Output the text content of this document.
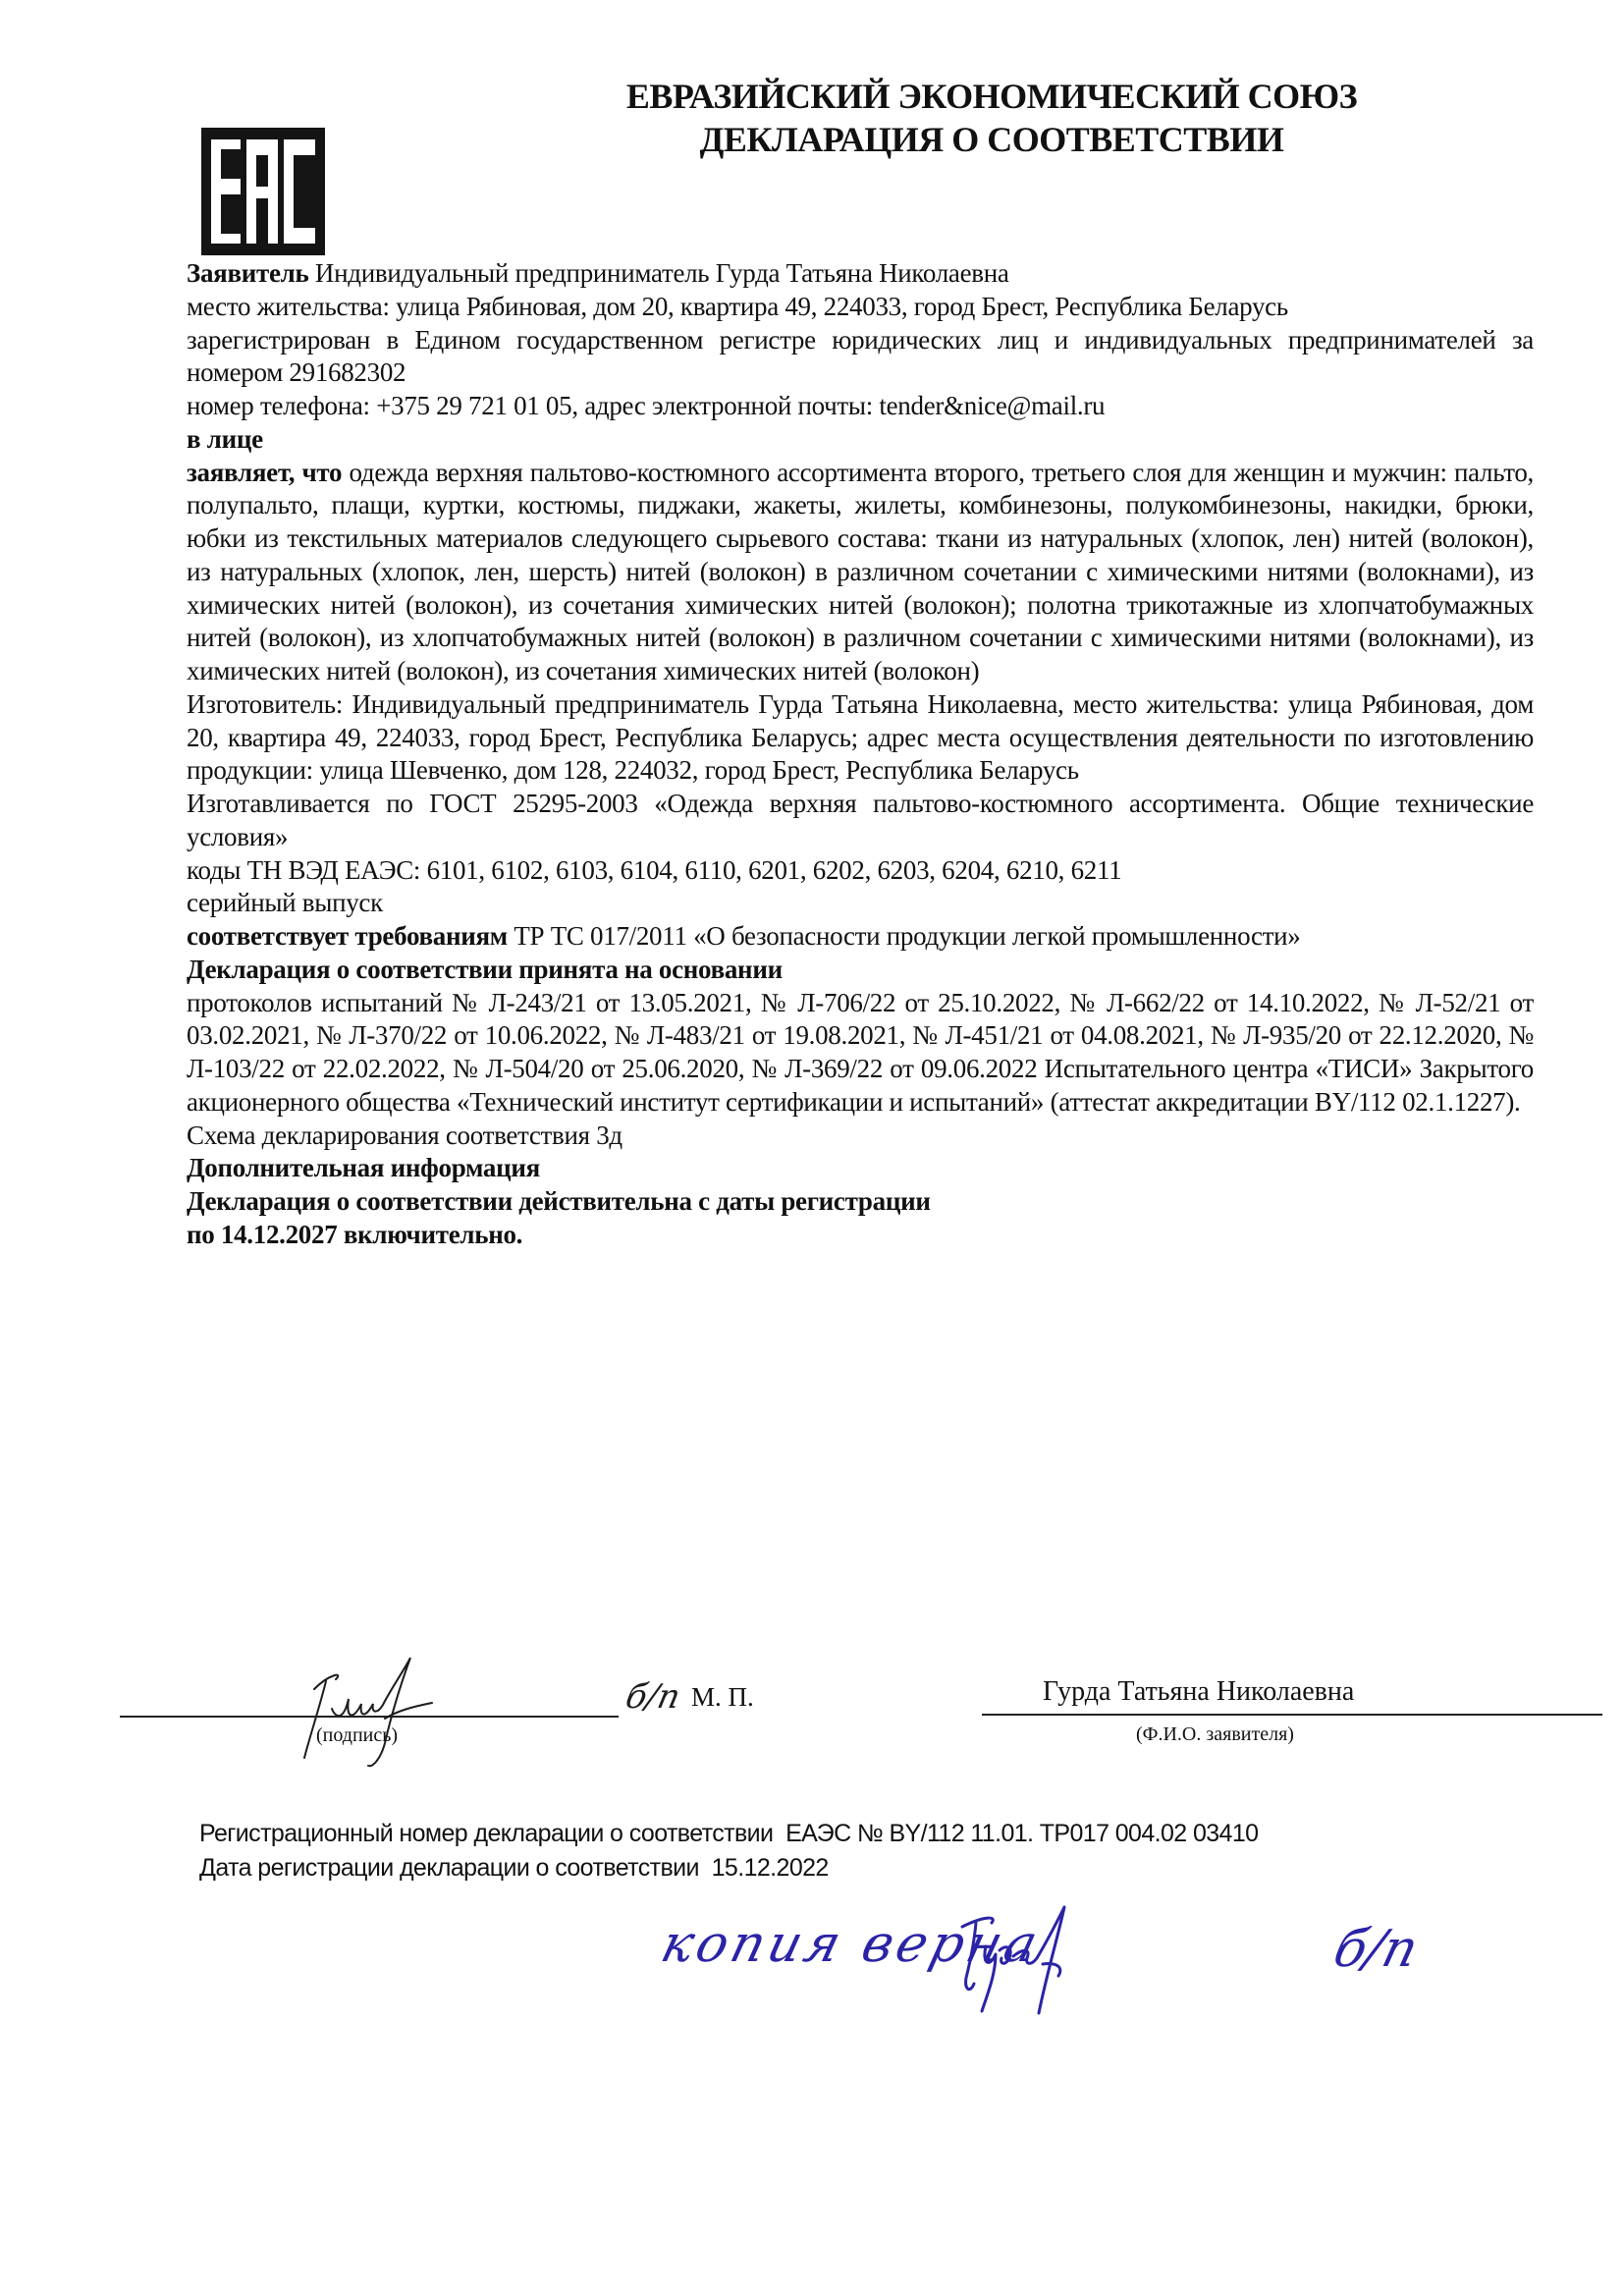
ЕВРАЗИЙСКИЙ ЭКОНОМИЧЕСКИЙ СОЮЗ
ДЕКЛАРАЦИЯ О СООТВЕТСТВИИ

Заявитель Индивидуальный предприниматель Гурда Татьяна Николаевна

место жительства: улица Рябиновая, дом 20, квартира 49, 224033, город Брест, Республика Беларусь

зарегистрирован в Едином государственном регистре юридических лиц и индивидуальных предпринимателей за номером 291682302

номер телефона: +375 29 721 01 05, адрес электронной почты: tender&nice@mail.ru

в лице

заявляет, что одежда верхняя пальтово-костюмного ассортимента второго, третьего слоя для женщин и мужчин: пальто, полупальто, плащи, куртки, костюмы, пиджаки, жакеты, жилеты, комбинезоны, полукомбинезоны, накидки, брюки, юбки из текстильных материалов следующего сырьевого состава: ткани из натуральных (хлопок, лен) нитей (волокон), из натуральных (хлопок, лен, шерсть) нитей (волокон) в различном сочетании с химическими нитями (волокнами), из химических нитей (волокон), из сочетания химических нитей (волокон); полотна трикотажные из хлопчатобумажных нитей (волокон), из хлопчатобумажных нитей (волокон) в различном сочетании с химическими нитями (волокнами), из химических нитей (волокон), из сочетания химических нитей (волокон)

Изготовитель: Индивидуальный предприниматель Гурда Татьяна Николаевна, место жительства: улица Рябиновая, дом 20, квартира 49, 224033, город Брест, Республика Беларусь; адрес места осуществления деятельности по изготовлению продукции: улица Шевченко, дом 128, 224032, город Брест, Республика Беларусь

Изготавливается по ГОСТ 25295-2003 «Одежда верхняя пальтово-костюмного ассортимента. Общие технические условия»

коды ТН ВЭД ЕАЭС: 6101, 6102, 6103, 6104, 6110, 6201, 6202, 6203, 6204, 6210, 6211

серийный выпуск

соответствует требованиям ТР ТС 017/2011 «О безопасности продукции легкой промышленности»

Декларация о соответствии принята на основании

протоколов испытаний № Л-243/21 от 13.05.2021, № Л-706/22 от 25.10.2022, № Л-662/22 от 14.10.2022, № Л-52/21 от 03.02.2021, № Л-370/22 от 10.06.2022, № Л-483/21 от 19.08.2021, № Л-451/21 от 04.08.2021, № Л-935/20 от 22.12.2020, № Л-103/22 от 22.02.2022, № Л-504/20 от 25.06.2020, № Л-369/22 от 09.06.2022 Испытательного центра «ТИСИ» Закрытого акционерного общества «Технический институт сертификации и испытаний» (аттестат аккредитации BY/112 02.1.1227).

Схема декларирования соответствия 3д

Дополнительная информация

Декларация о соответствии действительна с даты регистрации

по 14.12.2027 включительно.

(подпись)
б/п М. П.	Гурда Татьяна Николаевна
(Ф.И.О. заявителя)

Регистрационный номер декларации о соответствии ЕАЭС № BY/112 11.01. ТР017 004.02 03410

Дата регистрации декларации о соответствии 15.12.2022

копия верна	б/п
